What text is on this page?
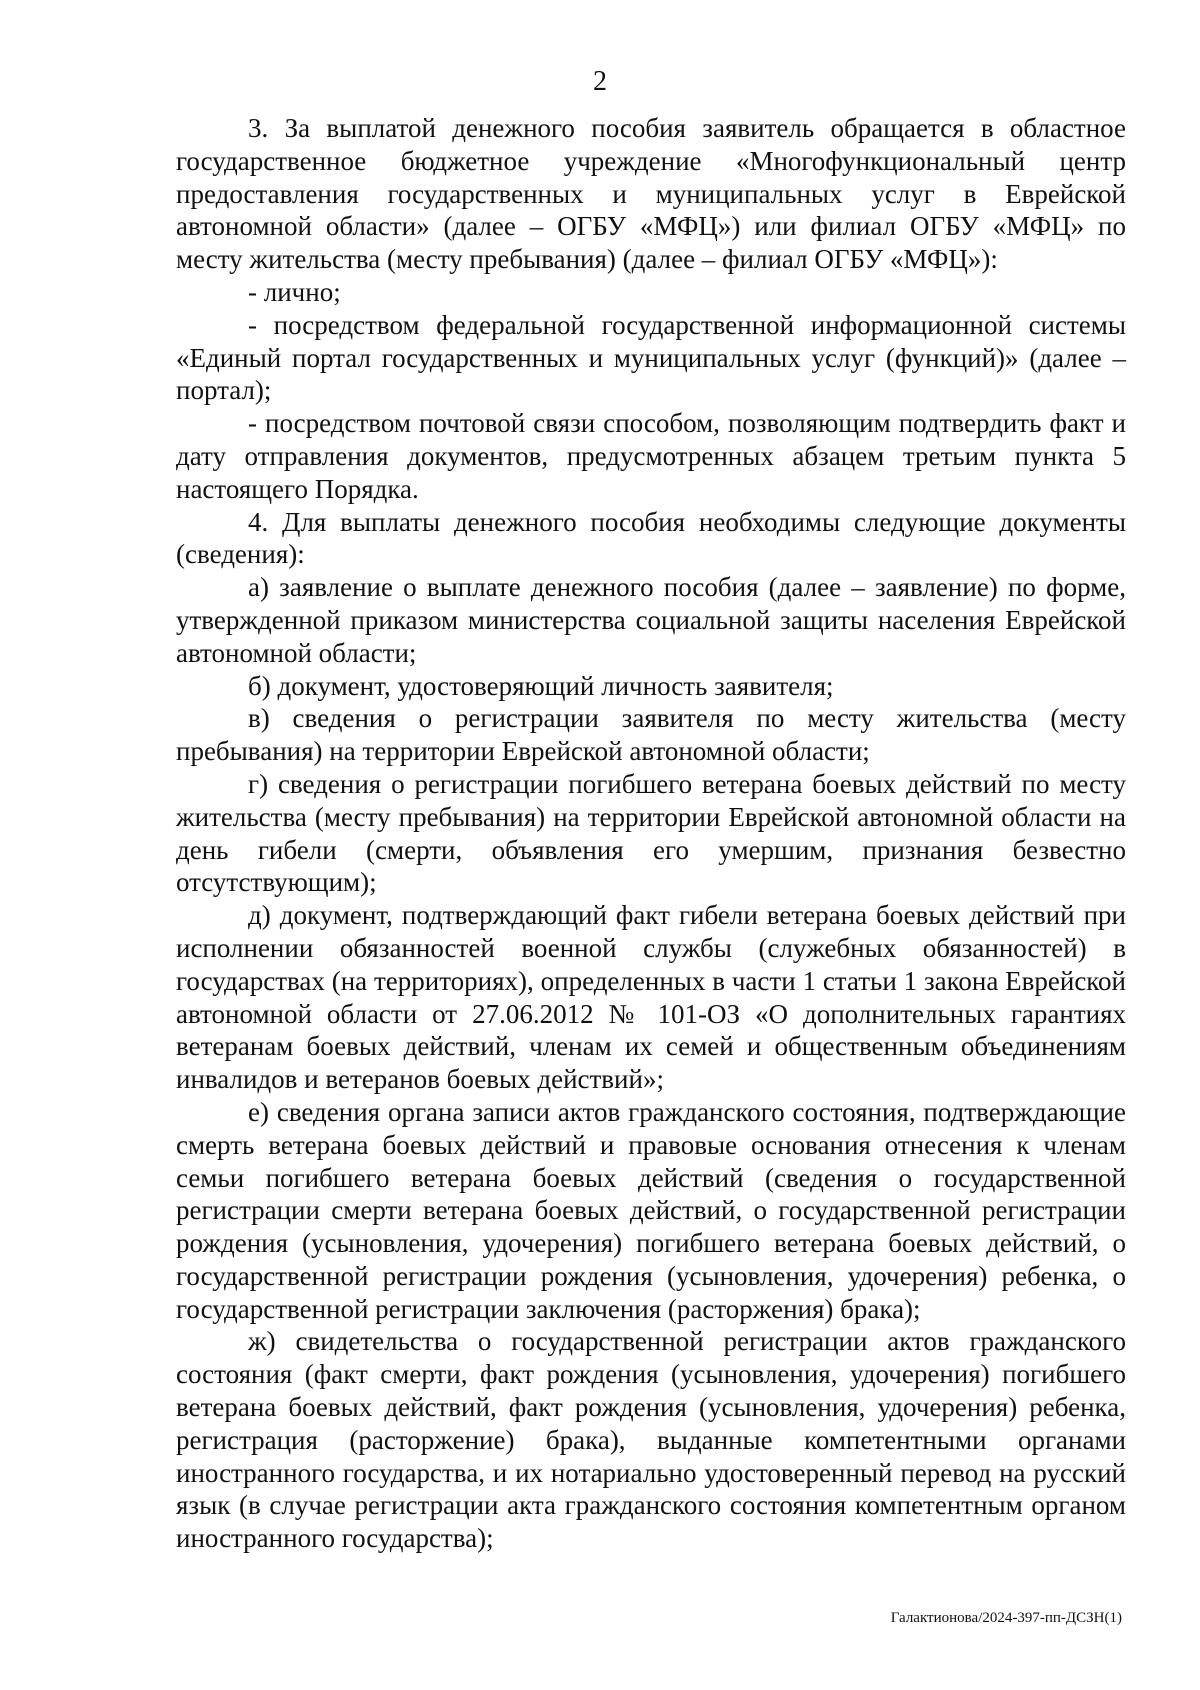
2

3. За выплатой денежного пособия заявитель обращается в областное государственное бюджетное учреждение «Многофункциональный центр предоставления государственных и муниципальных услуг в Еврейской автономной области» (далее – ОГБУ «МФЦ») или филиал ОГБУ «МФЦ» по месту жительства (месту пребывания) (далее – филиал ОГБУ «МФЦ»):

- лично;

- посредством федеральной государственной информационной системы «Единый портал государственных и муниципальных услуг (функций)» (далее – портал);

- посредством почтовой связи способом, позволяющим подтвердить факт и дату отправления документов, предусмотренных абзацем третьим пункта 5 настоящего Порядка.

4. Для выплаты денежного пособия необходимы следующие документы (сведения):

а) заявление о выплате денежного пособия (далее – заявление) по форме, утвержденной приказом министерства социальной защиты населения Еврейской автономной области;

б) документ, удостоверяющий личность заявителя;

в) сведения о регистрации заявителя по месту жительства (месту пребывания) на территории Еврейской автономной области;

г) сведения о регистрации погибшего ветерана боевых действий по месту жительства (месту пребывания) на территории Еврейской автономной области на день гибели (смерти, объявления его умершим, признания безвестно отсутствующим);

д) документ, подтверждающий факт гибели ветерана боевых действий при исполнении обязанностей военной службы (служебных обязанностей) в государствах (на территориях), определенных в части 1 статьи 1 закона Еврейской автономной области от 27.06.2012 № 101-ОЗ «О дополнительных гарантиях ветеранам боевых действий, членам их семей и общественным объединениям инвалидов и ветеранов боевых действий»;

е) сведения органа записи актов гражданского состояния, подтверждающие смерть ветерана боевых действий и правовые основания отнесения к членам семьи погибшего ветерана боевых действий (сведения о государственной регистрации смерти ветерана боевых действий, о государственной регистрации рождения (усыновления, удочерения) погибшего ветерана боевых действий, о государственной регистрации рождения (усыновления, удочерения) ребенка, о государственной регистрации заключения (расторжения) брака);

ж) свидетельства о государственной регистрации актов гражданского состояния (факт смерти, факт рождения (усыновления, удочерения) погибшего ветерана боевых действий, факт рождения (усыновления, удочерения) ребенка, регистрация (расторжение) брака), выданные компетентными органами иностранного государства, и их нотариально удостоверенный перевод на русский язык (в случае регистрации акта гражданского состояния компетентным органом иностранного государства);

Галактионова/2024-397-пп-ДСЗН(1)
